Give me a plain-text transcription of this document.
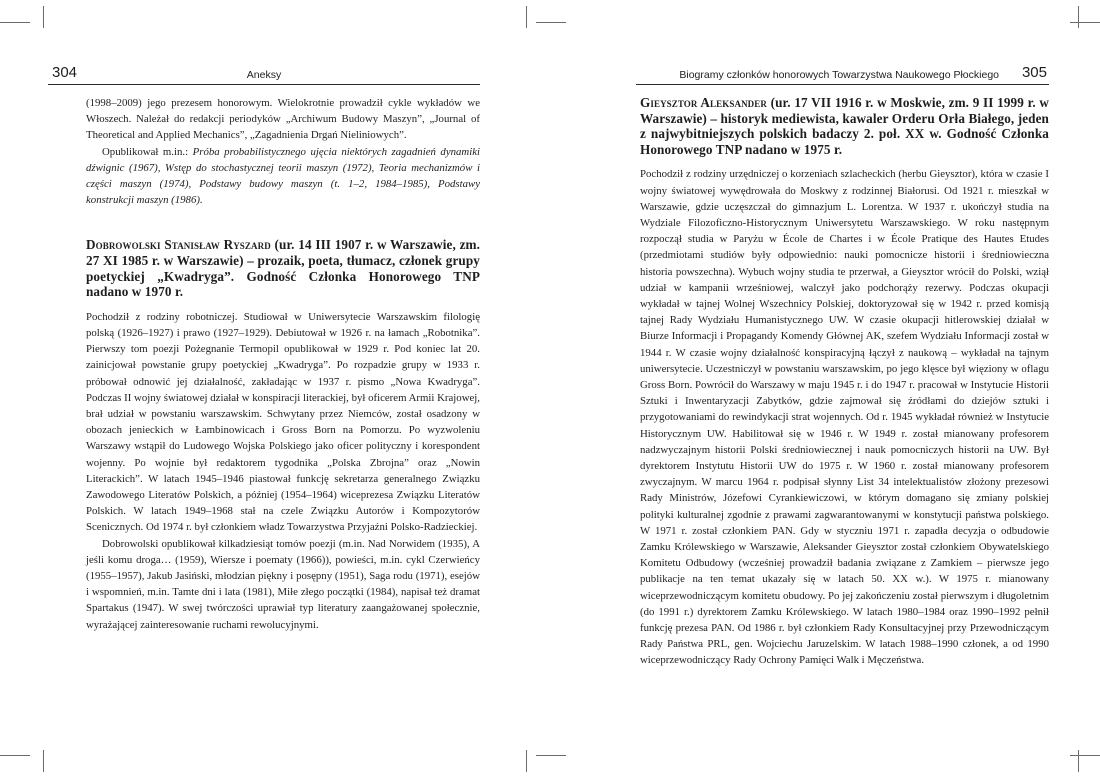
304	Aneksy

(1998–2009) jego prezesem honorowym. Wielokrotnie prowadził cykle wykładów we Włoszech. Należał do redakcji periodyków „Archiwum Budowy Maszyn”, „Journal of Theoretical and Applied Mechanics”, „Zagadnienia Drgań Nieliniowych”.

Opublikował m.in.: Próba probabilistycznego ujęcia niektórych zagadnień dynamiki dźwignic (1967), Wstęp do stochastycznej teorii maszyn (1972), Teoria mechanizmów i części maszyn (1974), Podstawy budowy maszyn (t. 1–2, 1984–1985), Podstawy konstrukcji maszyn (1986).

Dobrowolski Stanisław Ryszard (ur. 14 III 1907 r. w Warszawie, zm. 27 XI 1985 r. w Warszawie) – prozaik, poeta, tłumacz, członek grupy poetyckiej „Kwadryga”. Godność Członka Honorowego TNP nadano w 1970 r.

Pochodził z rodziny robotniczej. Studiował w Uniwersytecie Warszawskim filologię polską (1926–1927) i prawo (1927–1929). Debiutował w 1926 r. na łamach „Robotnika”. Pierwszy tom poezji Pożegnanie Termopil opublikował w 1929 r. Pod koniec lat 20. zainicjował powstanie grupy poetyckiej „Kwadryga”. Po rozpadzie grupy w 1933 r. próbował odnowić jej działalność, zakładając w 1937 r. pismo „Nowa Kwadryga”. Podczas II wojny światowej działał w konspiracji literackiej, był oficerem Armii Krajowej, brał udział w powstaniu warszawskim. Schwytany przez Niemców, został osadzony w obozach jenieckich w Łambinowicach i Gross Born na Pomorzu. Po wyzwoleniu Warszawy wstąpił do Ludowego Wojska Polskiego jako oficer polityczny i korespondent wojenny. Po wojnie był redaktorem tygodnika „Polska Zbrojna” oraz „Nowin Literackich”. W latach 1945–1946 piastował funkcję sekretarza generalnego Związku Zawodowego Literatów Polskich, a później (1954–1964) wiceprezesa Związku Literatów Polskich. W latach 1949–1968 stał na czele Związku Autorów i Kompozytorów Scenicznych. Od 1974 r. był członkiem władz Towarzystwa Przyjaźni Polsko-Radzieckiej.

Dobrowolski opublikował kilkadziesiąt tomów poezji (m.in. Nad Norwidem (1935), A jeśli komu droga… (1959), Wiersze i poematy (1966)), powieści, m.in. cykl Czerwieńcy (1955–1957), Jakub Jasiński, młodzian piękny i posępny (1951), Saga rodu (1971), esejów i wspomnień, m.in. Tamte dni i lata (1981), Miłe złego początki (1984), napisał też dramat Spartakus (1947). W swej twórczości uprawiał typ literatury zaangażowanej społecznie, wyrażającej zainteresowanie ruchami rewolucyjnymi.

Biogramy członków honorowych Towarzystwa Naukowego Płockiego 305
Gieysztor Aleksander (ur. 17 VII 1916 r. w Moskwie, zm. 9 II 1999 r. w Warszawie) – historyk mediewista, kawaler Orderu Orła Białego, jeden z najwybitniejszych polskich badaczy 2. poł. XX w. Godność Członka Honorowego TNP nadano w 1975 r.

Pochodził z rodziny urzędniczej o korzeniach szlacheckich (herbu Gieysztor), która w czasie I wojny światowej wywędrowała do Moskwy z rodzinnej Białorusi. Od 1921 r. mieszkał w Warszawie, gdzie uczęszczał do gimnazjum L. Lorentza. W 1937 r. ukończył studia na Wydziale Filozoficzno-Historycznym Uniwersytetu Warszawskiego. W roku następnym rozpoczął studia w Paryżu w École de Chartes i w École Pratique des Hautes Etudes (przedmiotami studiów były odpowiednio: nauki pomocnicze historii i średniowieczna historia powszechna). Wybuch wojny studia te przerwał, a Gieysztor wrócił do Polski, wziął udział w kampanii wrześniowej, walczył jako podchorąży rezerwy. Podczas okupacji wykładał w tajnej Wolnej Wszechnicy Polskiej, doktoryzował się w 1942 r. przed komisją tajnej Rady Wydziału Humanistycznego UW. W czasie okupacji hitlerowskiej działał w Biurze Informacji i Propagandy Komendy Głównej AK, szefem Wydziału Informacji został w 1944 r. W czasie wojny działalność konspiracyjną łączył z naukową – wykładał na tajnym uniwersytecie. Uczestniczył w powstaniu warszawskim, po jego klęsce był więziony w oflagu Gross Born. Powrócił do Warszawy w maju 1945 r. i do 1947 r. pracował w Instytucie Historii Sztuki i Inwentaryzacji Zabytków, gdzie zajmował się źródłami do dziejów sztuki i przygotowaniami do rewindykacji strat wojennych. Od r. 1945 wykładał również w Instytucie Historycznym UW. Habilitował się w 1946 r. W 1949 r. został mianowany profesorem nadzwyczajnym historii Polski średniowiecznej i nauk pomocniczych historii na UW. Był dyrektorem Instytutu Historii UW do 1975 r. W 1960 r. został mianowany profesorem zwyczajnym. W marcu 1964 r. podpisał słynny List 34 intelektualistów złożony prezesowi Rady Ministrów, Józefowi Cyrankiewiczowi, w którym domagano się zmiany polskiej polityki kulturalnej zgodnie z prawami zagwarantowanymi w konstytucji państwa polskiego. W 1971 r. został członkiem PAN. Gdy w styczniu 1971 r. zapadła decyzja o odbudowie Zamku Królewskiego w Warszawie, Aleksander Gieysztor został członkiem Obywatelskiego Komitetu Odbudowy (wcześniej prowadził badania związane z Zamkiem – pierwsze jego publikacje na ten temat ukazały się w latach 50. XX w.). W 1975 r. mianowany wiceprzewodniczącym komitetu obudowy. Po jej zakończeniu został pierwszym i długoletnim (do 1991 r.) dyrektorem Zamku Królewskiego. W latach 1980–1984 oraz 1990–1992 pełnił funkcję prezesa PAN. Od 1986 r. był członkiem Rady Konsultacyjnej przy Przewodniczącym Rady Państwa PRL, gen. Wojciechu Jaruzelskim. W latach 1988–1990 członek, a od 1990 wiceprzewodniczący Rady Ochrony Pamięci Walk i Męczeństwa.
